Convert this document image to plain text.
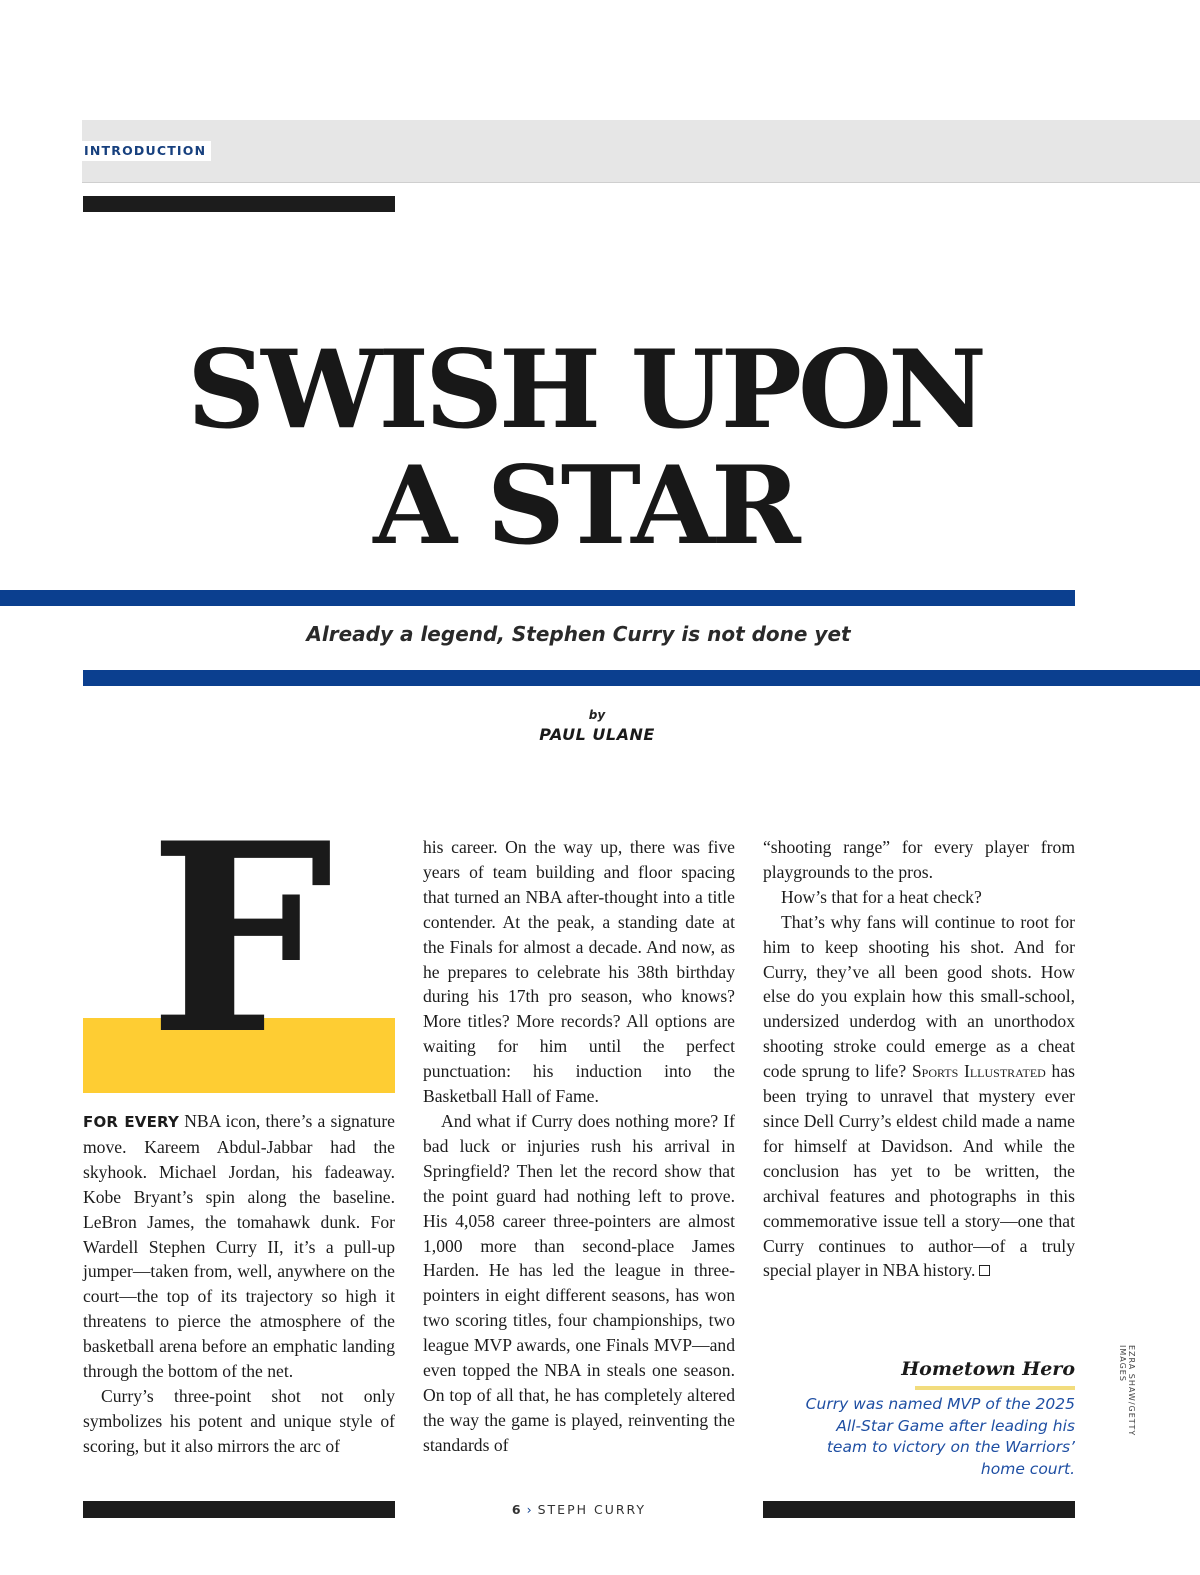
INTRODUCTION
SWISH UPON
A STAR
Already a legend, Stephen Curry is not done yet
by
PAUL ULANE
F

FOR EVERY NBA icon, there’s a signature move. Kareem Abdul-Jabbar had the skyhook. Michael Jordan, his fadeaway. Kobe Bryant’s spin along the baseline. LeBron James, the tomahawk dunk. For Wardell Stephen Curry II, it’s a pull-up jumper—taken from, well, anywhere on the court—the top of its trajectory so high it threatens to pierce the atmosphere of the basketball arena before an emphatic landing through the bottom of the net.

Curry’s three-point shot not only symbolizes his potent and unique style of scoring, but it also mirrors the arc of

his career. On the way up, there was five years of team building and floor spacing that turned an NBA after-thought into a title contender. At the peak, a standing date at the Finals for almost a decade. And now, as he prepares to celebrate his 38th birthday during his 17th pro season, who knows? More titles? More records? All options are waiting for him until the perfect punctuation: his induction into the Basketball Hall of Fame.

And what if Curry does nothing more? If bad luck or injuries rush his arrival in Springfield? Then let the record show that the point guard had nothing left to prove. His 4,058 career three-pointers are almost 1,000 more than second-place James Harden. He has led the league in three-pointers in eight different seasons, has won two scoring titles, four championships, two league MVP awards, one Finals MVP—and even topped the NBA in steals one season. On top of all that, he has completely altered the way the game is played, reinventing the standards of

“shooting range” for every player from playgrounds to the pros.

How’s that for a heat check?

That’s why fans will continue to root for him to keep shooting his shot. And for Curry, they’ve all been good shots. How else do you explain how this small-school, undersized underdog with an unorthodox shooting stroke could emerge as a cheat code sprung to life? Sports Illustrated has been trying to unravel that mystery ever since Dell Curry’s eldest child made a name for himself at Davidson. And while the conclusion has yet to be written, the archival features and photographs in this commemorative issue tell a story—one that Curry continues to author—of a truly special player in NBA history.

Hometown Hero
Curry was named MVP of the 2025 All-Star Game after leading his team to victory on the Warriors’ home court.
EZRA SHAW/GETTY IMAGES
6 › STEPH CURRY
